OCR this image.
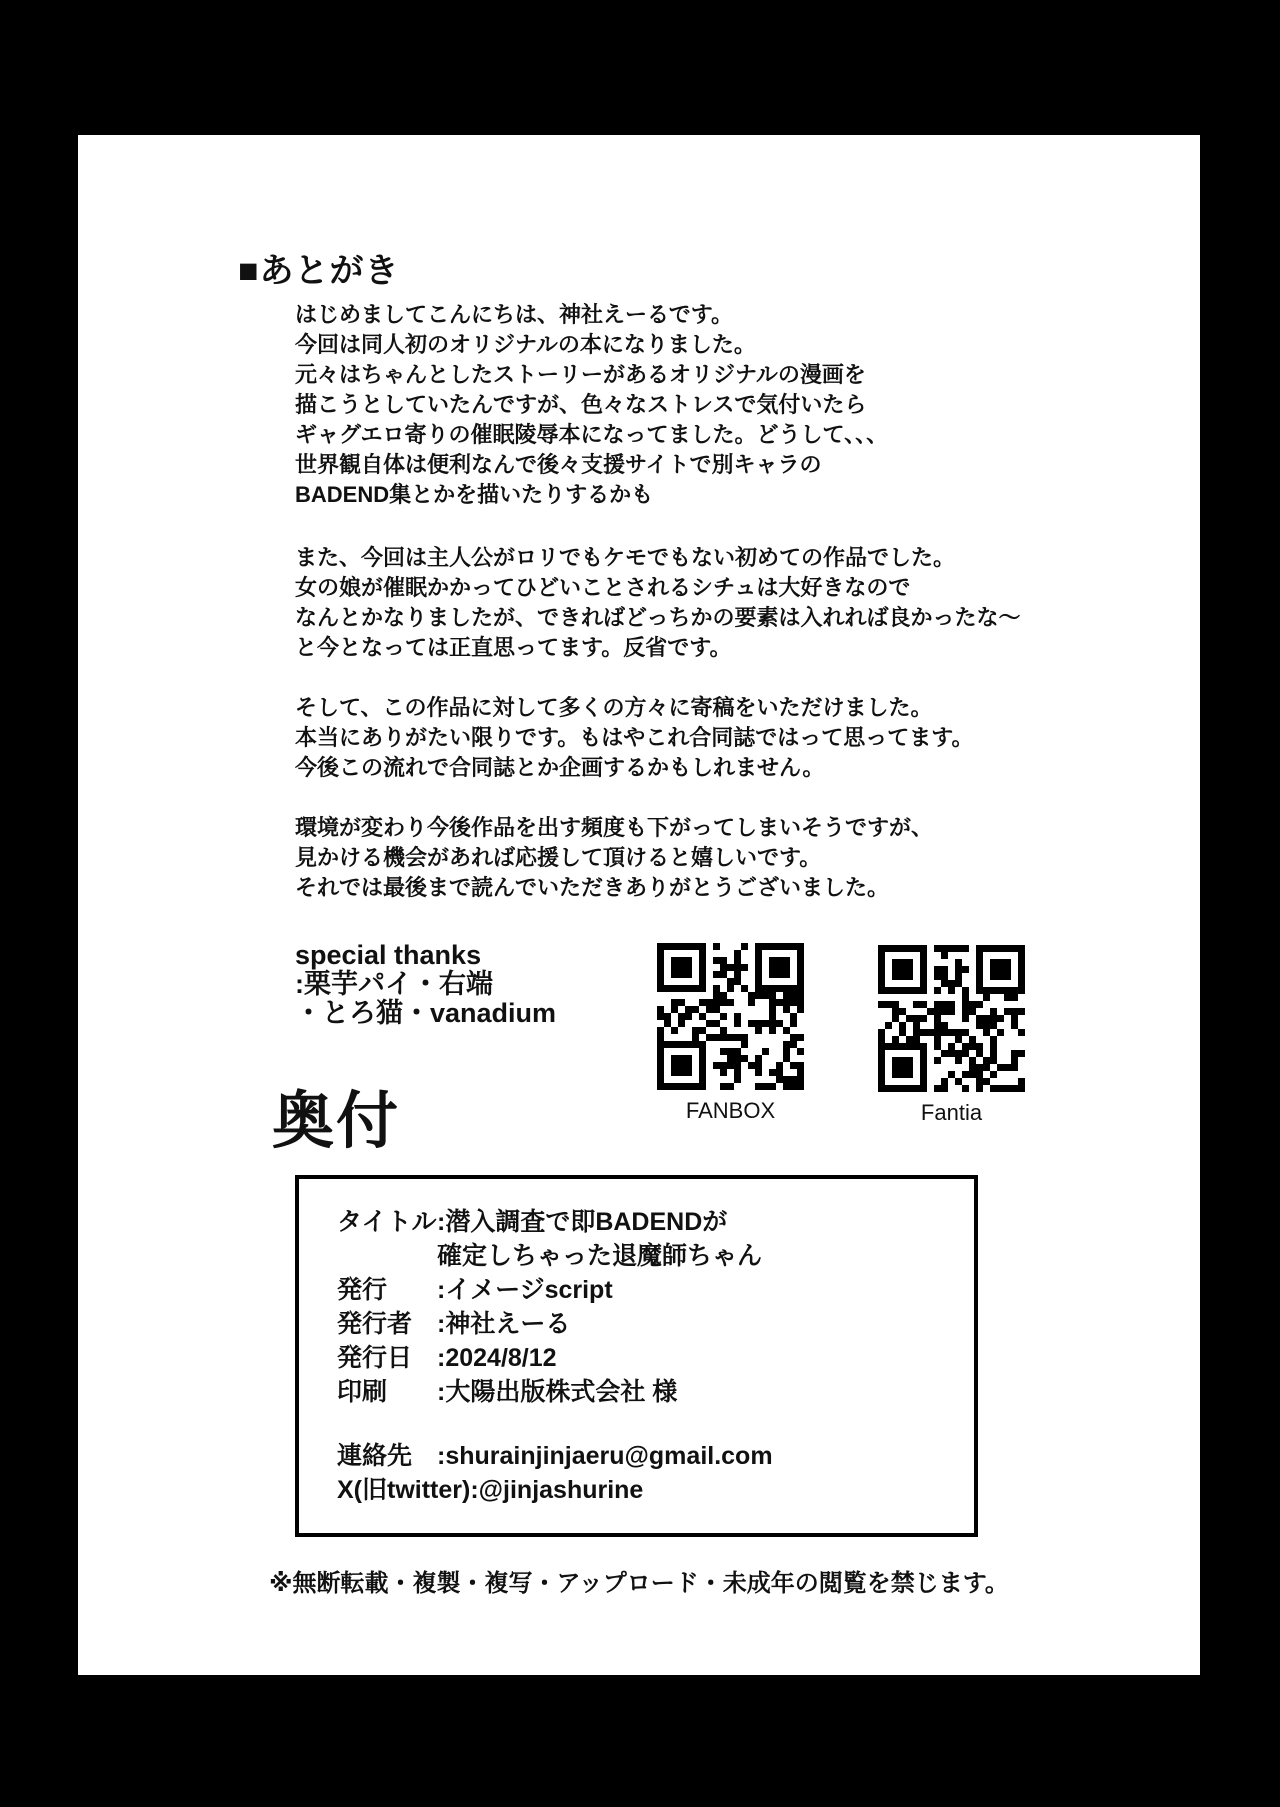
■あとがき
はじめましてこんにちは、神社えーるです。
今回は同人初のオリジナルの本になりました。
元々はちゃんとしたストーリーがあるオリジナルの漫画を
描こうとしていたんですが、色々なストレスで気付いたら
ギャグエロ寄りの催眠陵辱本になってました。どうして、、、
世界観自体は便利なんで後々支援サイトで別キャラの
BADEND集とかを描いたりするかも
また、今回は主人公がロリでもケモでもない初めての作品でした。
女の娘が催眠かかってひどいことされるシチュは大好きなので
なんとかなりましたが、できればどっちかの要素は入れれば良かったな〜
と今となっては正直思ってます。反省です。
そして、この作品に対して多くの方々に寄稿をいただけました。
本当にありがたい限りです。もはやこれ合同誌ではって思ってます。
今後この流れで合同誌とか企画するかもしれません。
環境が変わり今後作品を出す頻度も下がってしまいそうですが、
見かける機会があれば応援して頂けると嬉しいです。
それでは最後まで読んでいただきありがとうございました。
special thanks
:栗芋パイ・右端
・とろ猫・vanadium
FANBOX	Fantia
奥付
タイトル :潜入調査で即BADENDが
確定しちゃった退魔師ちゃん
発行	:イメージscript
発行者 :神社えーる
発行日 :2024/8/12
印刷	:大陽出版株式会社 様
連絡先 :shurainjinjaeru@gmail.com
X(旧twitter) :@jinjashurine
※無断転載・複製・複写・アップロード・未成年の閲覧を禁じます。
